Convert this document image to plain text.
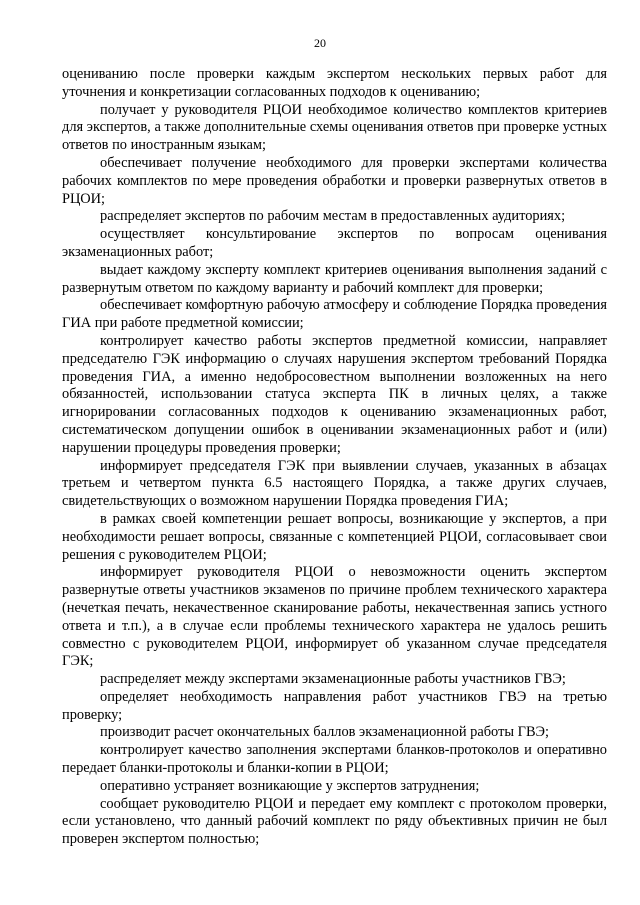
20

оцениванию после проверки каждым экспертом нескольких первых работ для уточнения и конкретизации согласованных подходов к оцениванию;

получает у руководителя РЦОИ необходимое количество комплектов критериев для экспертов, а также дополнительные схемы оценивания ответов при проверке устных ответов по иностранным языкам;

обеспечивает получение необходимого для проверки экспертами количества рабочих комплектов по мере проведения обработки и проверки развернутых ответов в РЦОИ;

распределяет экспертов по рабочим местам в предоставленных аудиториях;

осуществляет консультирование экспертов по вопросам оценивания экзаменационных работ;

выдает каждому эксперту комплект критериев оценивания выполнения заданий с развернутым ответом по каждому варианту и рабочий комплект для проверки;

обеспечивает комфортную рабочую атмосферу и соблюдение Порядка проведения ГИА при работе предметной комиссии;

контролирует качество работы экспертов предметной комиссии, направляет председателю ГЭК информацию о случаях нарушения экспертом требований Порядка проведения ГИА, а именно недобросовестном выполнении возложенных на него обязанностей, использовании статуса эксперта ПК в личных целях, а также игнорировании согласованных подходов к оцениванию экзаменационных работ, систематическом допущении ошибок в оценивании экзаменационных работ и (или) нарушении процедуры проведения проверки;

информирует председателя ГЭК при выявлении случаев, указанных в абзацах третьем и четвертом пункта 6.5 настоящего Порядка, а также других случаев, свидетельствующих о возможном нарушении Порядка проведения ГИА;

в рамках своей компетенции решает вопросы, возникающие у экспертов, а при необходимости решает вопросы, связанные с компетенцией РЦОИ, согласовывает свои решения с руководителем РЦОИ;

информирует руководителя РЦОИ о невозможности оценить экспертом развернутые ответы участников экзаменов по причине проблем технического характера (нечеткая печать, некачественное сканирование работы, некачественная запись устного ответа и т.п.), а в случае если проблемы технического характера не удалось решить совместно с руководителем РЦОИ, информирует об указанном случае председателя ГЭК;

распределяет между экспертами экзаменационные работы участников ГВЭ;

определяет необходимость направления работ участников ГВЭ на третью проверку;

производит расчет окончательных баллов экзаменационной работы ГВЭ;

контролирует качество заполнения экспертами бланков-протоколов и оперативно передает бланки-протоколы и бланки-копии в РЦОИ;

оперативно устраняет возникающие у экспертов затруднения;

сообщает руководителю РЦОИ и передает ему комплект с протоколом проверки, если установлено, что данный рабочий комплект по ряду объективных причин не был проверен экспертом полностью;
